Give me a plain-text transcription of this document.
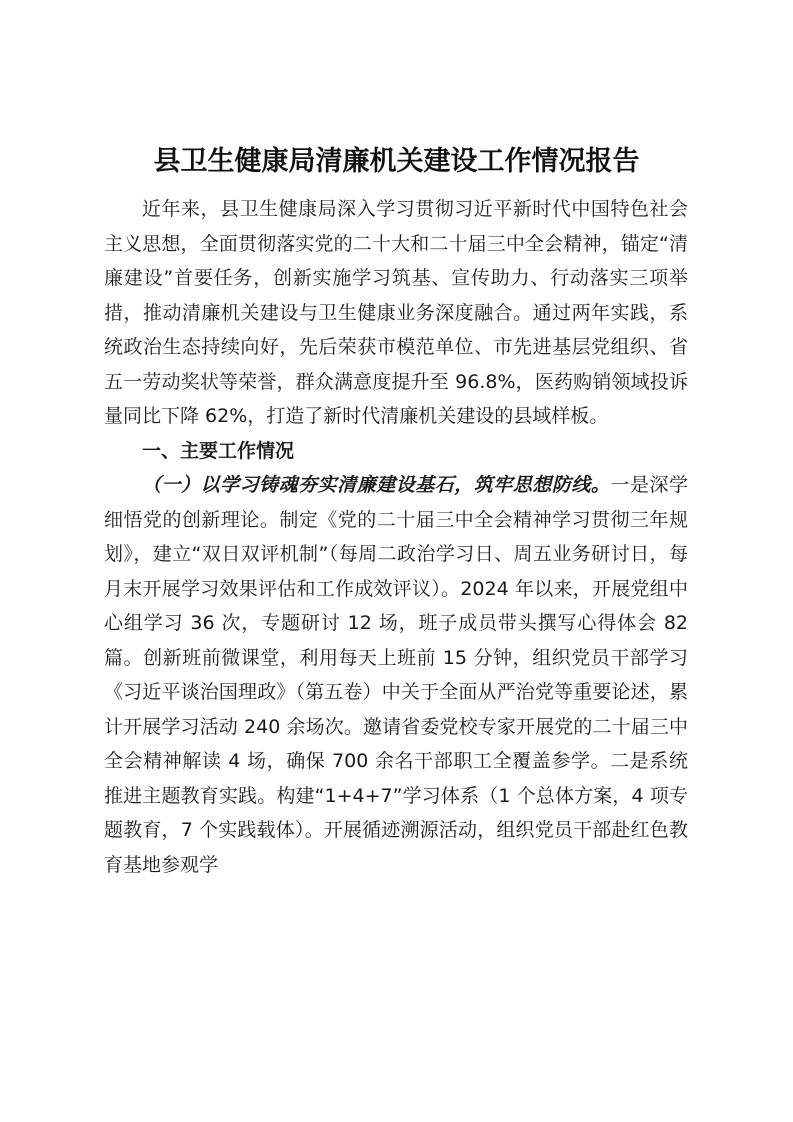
县卫生健康局清廉机关建设工作情况报告

近年来，县卫生健康局深入学习贯彻习近平新时代中国特色社会主义思想，全面贯彻落实党的二十大和二十届三中全会精神，锚定“清廉建设”首要任务，创新实施学习筑基、宣传助力、行动落实三项举措，推动清廉机关建设与卫生健康业务深度融合。通过两年实践，系统政治生态持续向好，先后荣获市模范单位、市先进基层党组织、省五一劳动奖状等荣誉，群众满意度提升至 96.8%，医药购销领域投诉量同比下降 62%，打造了新时代清廉机关建设的县域样板。

一、主要工作情况

（一）以学习铸魂夯实清廉建设基石，筑牢思想防线。一是深学细悟党的创新理论。制定《党的二十届三中全会精神学习贯彻三年规划》，建立“双日双评机制”（每周二政治学习日、周五业务研讨日，每月末开展学习效果评估和工作成效评议）。2024 年以来，开展党组中心组学习 36 次，专题研讨 12 场，班子成员带头撰写心得体会 82 篇。创新班前微课堂，利用每天上班前 15 分钟，组织党员干部学习《习近平谈治国理政》（第五卷）中关于全面从严治党等重要论述，累计开展学习活动 240 余场次。邀请省委党校专家开展党的二十届三中全会精神解读 4 场，确保 700 余名干部职工全覆盖参学。二是系统推进主题教育实践。构建“1+4+7”学习体系（1 个总体方案，4 项专题教育，7 个实践载体）。开展循迹溯源活动，组织党员干部赴红色教育基地参观学
